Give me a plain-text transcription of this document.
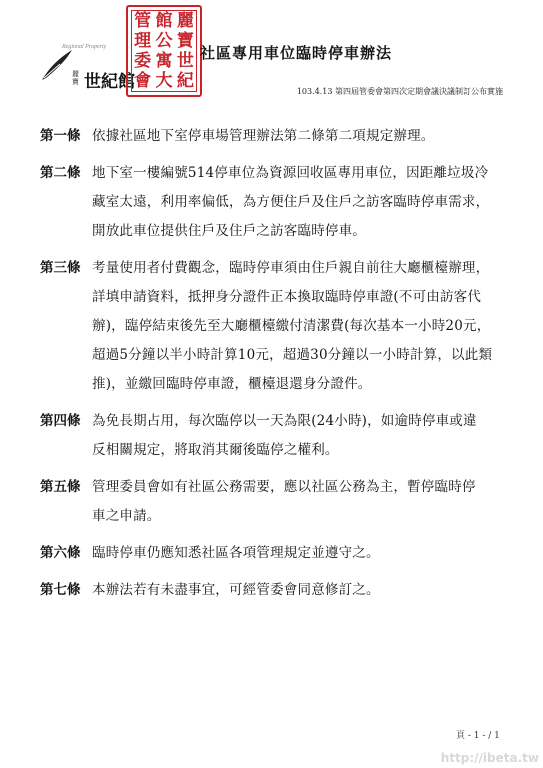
Regional Property
麗寶 世紀館
管
理
委
會
館
公
寓
大
麗
寶
世
紀
社區專用車位臨時停車辦法
103.4.13 第四屆管委會第四次定期會議決議制訂公布實施
第一條 依據社區地下室停車場管理辦法第二條第二項規定辦理。
第二條 地下室一樓編號514停車位為資源回收區專用車位，因距離垃圾冷
藏室太遠，利用率偏低，為方便住戶及住戶之訪客臨時停車需求，
開放此車位提供住戶及住戶之訪客臨時停車。
第三條 考量使用者付費觀念，臨時停車須由住戶親自前往大廳櫃檯辦理，
詳填申請資料，抵押身分證件正本換取臨時停車證(不可由訪客代
辦)，臨停結束後先至大廳櫃檯繳付清潔費(每次基本一小時20元，
超過5分鐘以半小時計算10元，超過30分鐘以一小時計算，以此類
推)，並繳回臨時停車證，櫃檯退還身分證件。
第四條 為免長期占用，每次臨停以一天為限(24小時)，如逾時停車或違
反相關規定，將取消其爾後臨停之權利。
第五條 管理委員會如有社區公務需要，應以社區公務為主，暫停臨時停
車之申請。
第六條 臨時停車仍應知悉社區各項管理規定並遵守之。
第七條 本辦法若有未盡事宜，可經管委會同意修訂之。
頁 - 1 - / 1
http://ibeta.tw
